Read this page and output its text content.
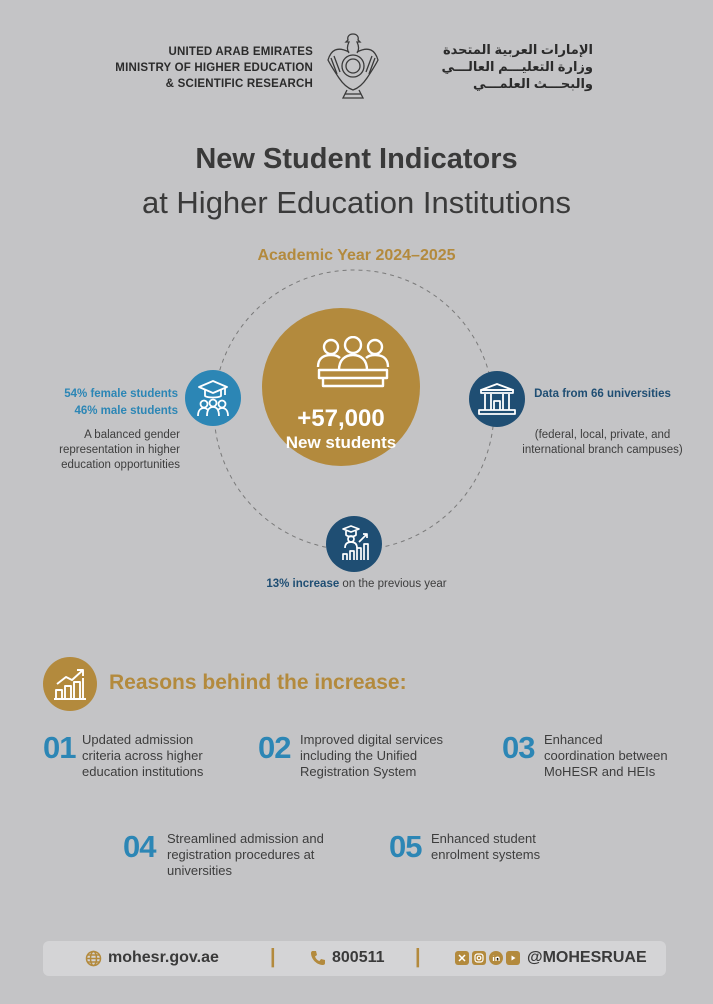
UNITED ARAB EMIRATES
MINISTRY OF HIGHER EDUCATION
& SCIENTIFIC RESEARCH
الإمارات العربية المتحدة
وزارة التعليـــم العالـــي
والبحـــث العلمـــي
New Student Indicators
at Higher Education Institutions
Academic Year 2024–2025
+57,000
New students
54% female students
46% male students
A balanced gender representation in higher education opportunities
Data from 66 universities
(federal, local, private, and international branch campuses)
13% increase on the previous year
Reasons behind the increase:
01 Updated admission criteria across higher education institutions
02 Improved digital services including the Unified Registration System
03 Enhanced coordination between MoHESR and HEIs
04 Streamlined admission and registration procedures at universities
05 Enhanced student enrolment systems
mohesr.gov.ae	|	800511 |	@MOHESRUAE
